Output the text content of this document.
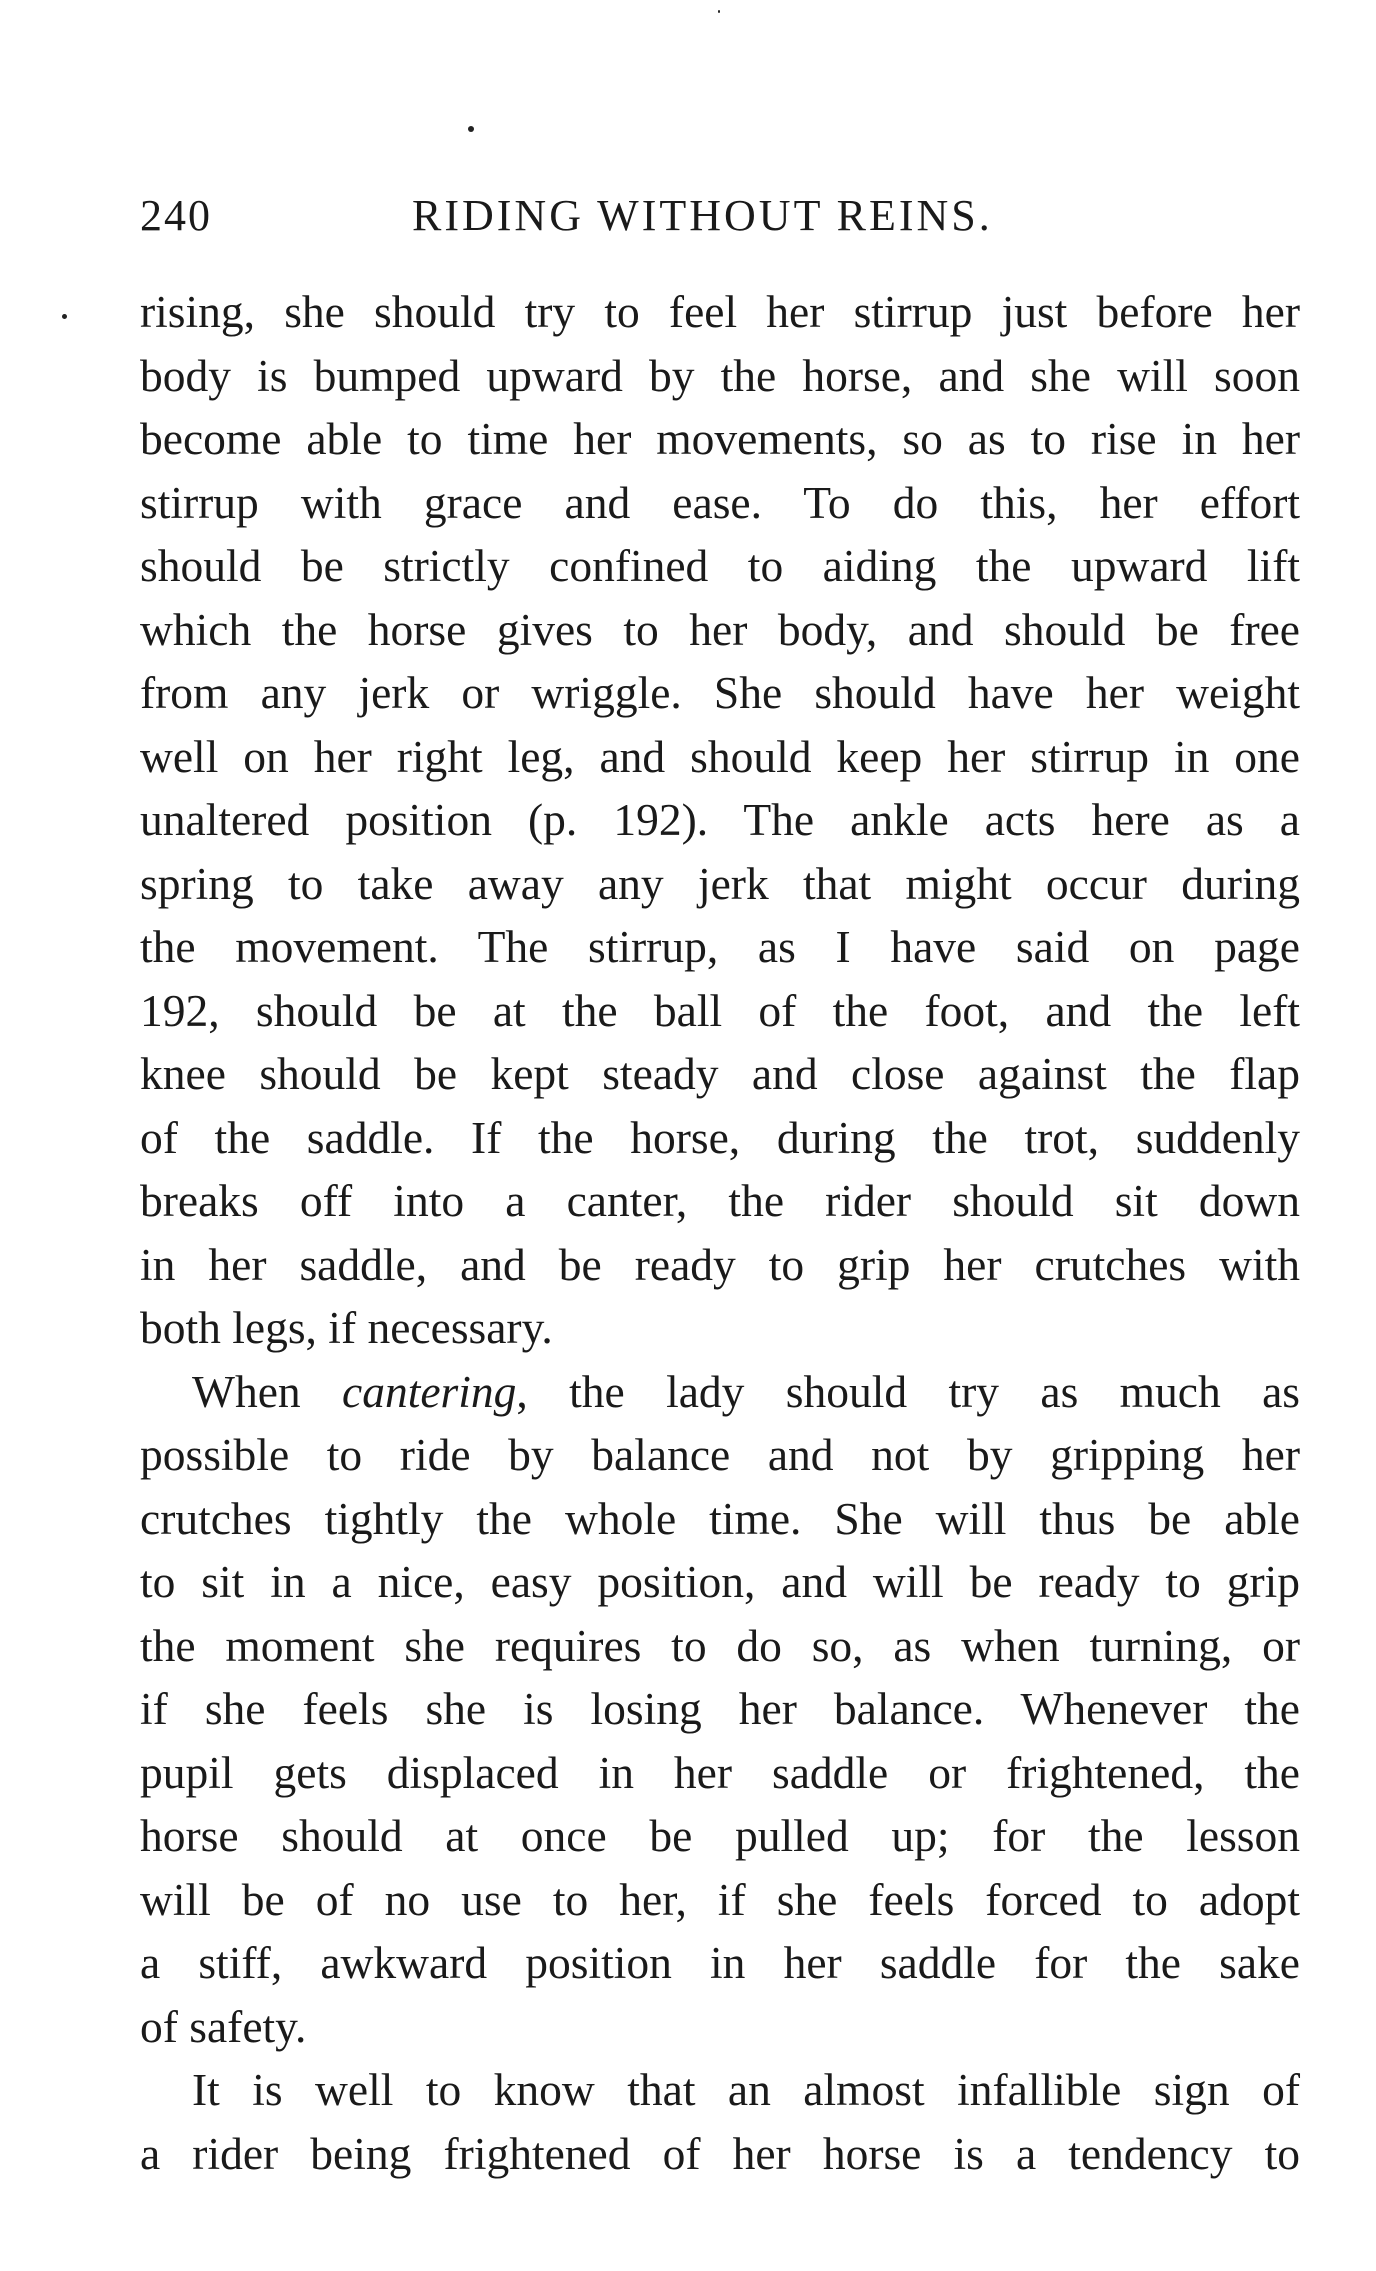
240	RIDING WITHOUT REINS.
rising, she should try to feel her stirrup just before her
body is bumped upward by the horse, and she will soon
become able to time her movements, so as to rise in her
stirrup with grace and ease. To do this, her effort
should be strictly confined to aiding the upward lift
which the horse gives to her body, and should be free
from any jerk or wriggle. She should have her weight
well on her right leg, and should keep her stirrup in one
unaltered position (p. 192). The ankle acts here as a
spring to take away any jerk that might occur during
the movement. The stirrup, as I have said on page
192, should be at the ball of the foot, and the left
knee should be kept steady and close against the flap
of the saddle. If the horse, during the trot, suddenly
breaks off into a canter, the rider should sit down
in her saddle, and be ready to grip her crutches with
both legs, if necessary.
When cantering, the lady should try as much as
possible to ride by balance and not by gripping her
crutches tightly the whole time. She will thus be able
to sit in a nice, easy position, and will be ready to grip
the moment she requires to do so, as when turning, or
if she feels she is losing her balance. Whenever the
pupil gets displaced in her saddle or frightened, the
horse should at once be pulled up; for the lesson
will be of no use to her, if she feels forced to adopt
a stiff, awkward position in her saddle for the sake
of safety.
It is well to know that an almost infallible sign of
a rider being frightened of her horse is a tendency to
